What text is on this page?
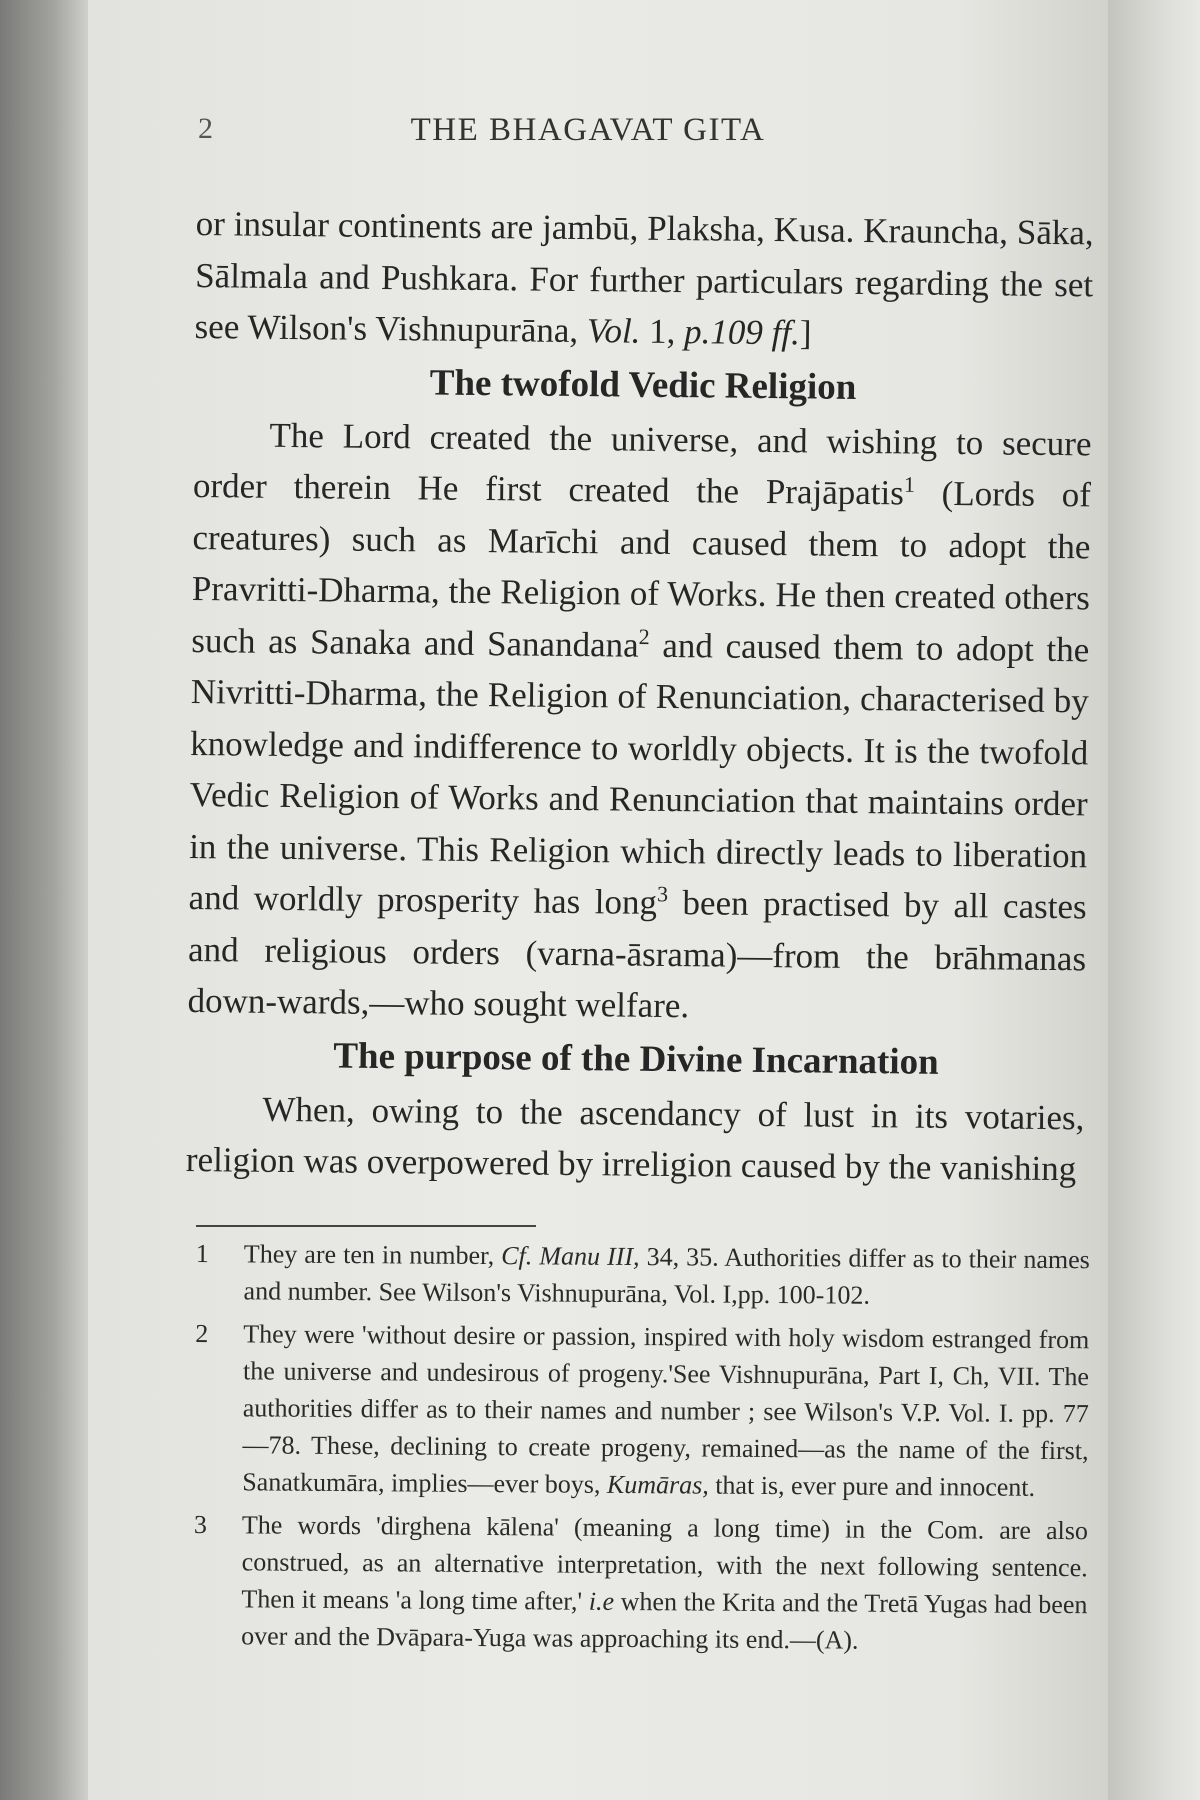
2	THE BHAGAVAT GITA

or insular continents are jambū, Plaksha, Kusa. Krauncha, Sāka, Sālmala and Pushkara. For further particulars regarding the set see Wilson's Vishnupurāna, Vol. 1, p.109 ff.]

The twofold Vedic Religion

The Lord created the universe, and wishing to secure order therein He first created the Prajāpatis$^1$ (Lords of creatures) such as Marīchi and caused them to adopt the Pravritti-Dharma, the Religion of Works. He then created others such as Sanaka and Sanandana$^2$ and caused them to adopt the Nivritti-Dharma, the Religion of Renunciation, characterised by knowledge and indifference to worldly objects. It is the twofold Vedic Religion of Works and Renunciation that maintains order in the universe. This Religion which directly leads to liberation and worldly prosperity has long$^3$ been practised by all castes and religious orders (varna-āsrama)—from the brāhmanas down-wards,—who sought welfare.

The purpose of the Divine Incarnation

When, owing to the ascendancy of lust in its votaries, religion was overpowered by irreligion caused by the vanishing

1	They are ten in number, Cf. Manu III, 34, 35. Authorities differ as to their names and number. See Wilson's Vishnupurāna, Vol. I,pp. 100-102.

2	They were 'without desire or passion, inspired with holy wisdom estranged from the universe and undesirous of progeny.'See Vishnupurāna, Part I, Ch, VII. The authorities differ as to their names and number ; see Wilson's V.P. Vol. I. pp. 77—78. These, declining to create progeny, remained—as the name of the first, Sanatkumāra, implies—ever boys, Kumāras, that is, ever pure and innocent.

3	The words 'dirghena kālena' (meaning a long time) in the Com. are also construed, as an alternative interpretation, with the next following sentence. Then it means 'a long time after,' i.e when the Krita and the Tretā Yugas had been over and the Dvāpara-Yuga was approaching its end.—(A).
